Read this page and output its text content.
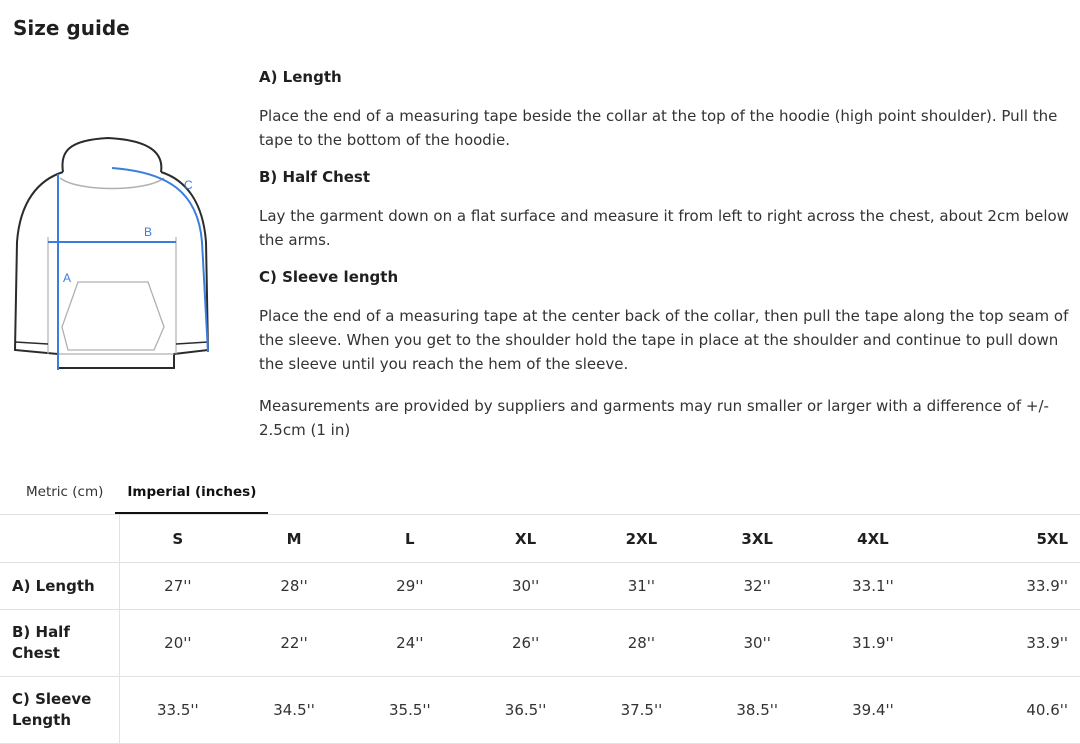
Size guide
A
B
C
A) Length

Place the end of a measuring tape beside the collar at the top of the hoodie (high point shoulder). Pull the tape to the bottom of the hoodie.

B) Half Chest

Lay the garment down on a flat surface and measure it from left to right across the chest, about 2cm below the arms.

C) Sleeve length

Place the end of a measuring tape at the center back of the collar, then pull the tape along the top seam of the sleeve. When you get to the shoulder hold the tape in place at the shoulder and continue to pull down the sleeve until you reach the hem of the sleeve.

Measurements are provided by suppliers and garments may run smaller or larger with a difference of +/- 2.5cm (1 in)

Metric (cm)	Imperial (inches)
	S	M	L	XL	2XL	3XL	4XL	5XL
A) Length	27''	28''	29''	30''	31''	32''	33.1''	33.9''
B) Half Chest	20''	22''	24''	26''	28''	30''	31.9''	33.9''
C) Sleeve Length	33.5''	34.5''	35.5''	36.5''	37.5''	38.5''	39.4''	40.6''
